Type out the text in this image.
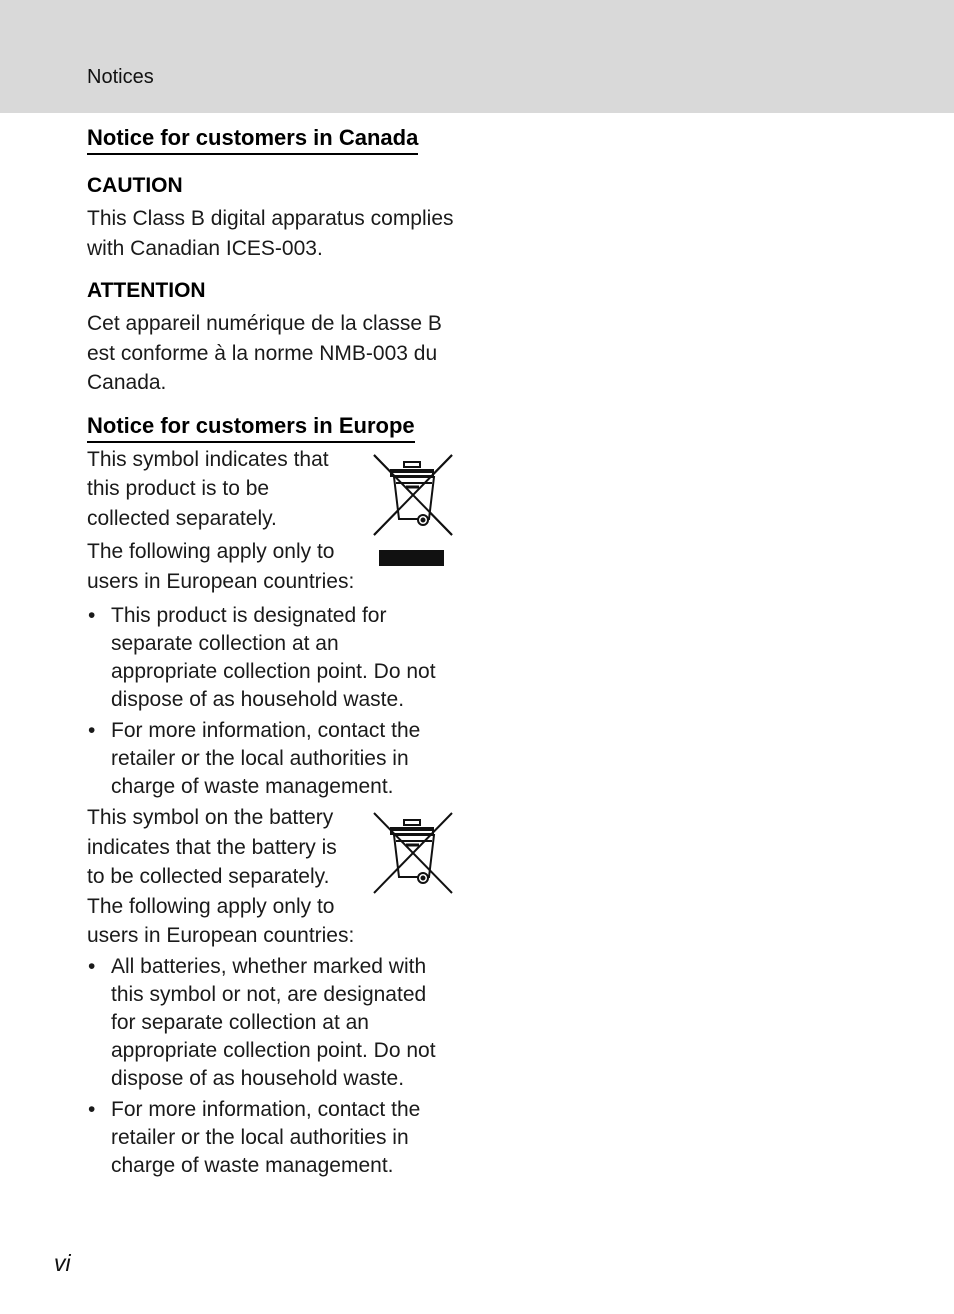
Notices
Notice for customers in Canada
CAUTION

This Class B digital apparatus complies
with Canadian ICES-003.

ATTENTION

Cet appareil numérique de la classe B
est conforme à la norme NMB-003 du
Canada.

Notice for customers in Europe

This symbol indicates that
this product is to be
collected separately.

The following apply only to
users in European countries:

• This product is designated for
separate collection at an
appropriate collection point. Do not
dispose of as household waste.
• For more information, contact the
retailer or the local authorities in
charge of waste management.

This symbol on the battery
indicates that the battery is
to be collected separately.
The following apply only to
users in European countries:

• All batteries, whether marked with
this symbol or not, are designated
for separate collection at an
appropriate collection point. Do not
dispose of as household waste.
• For more information, contact the
retailer or the local authorities in
charge of waste management.
vi
